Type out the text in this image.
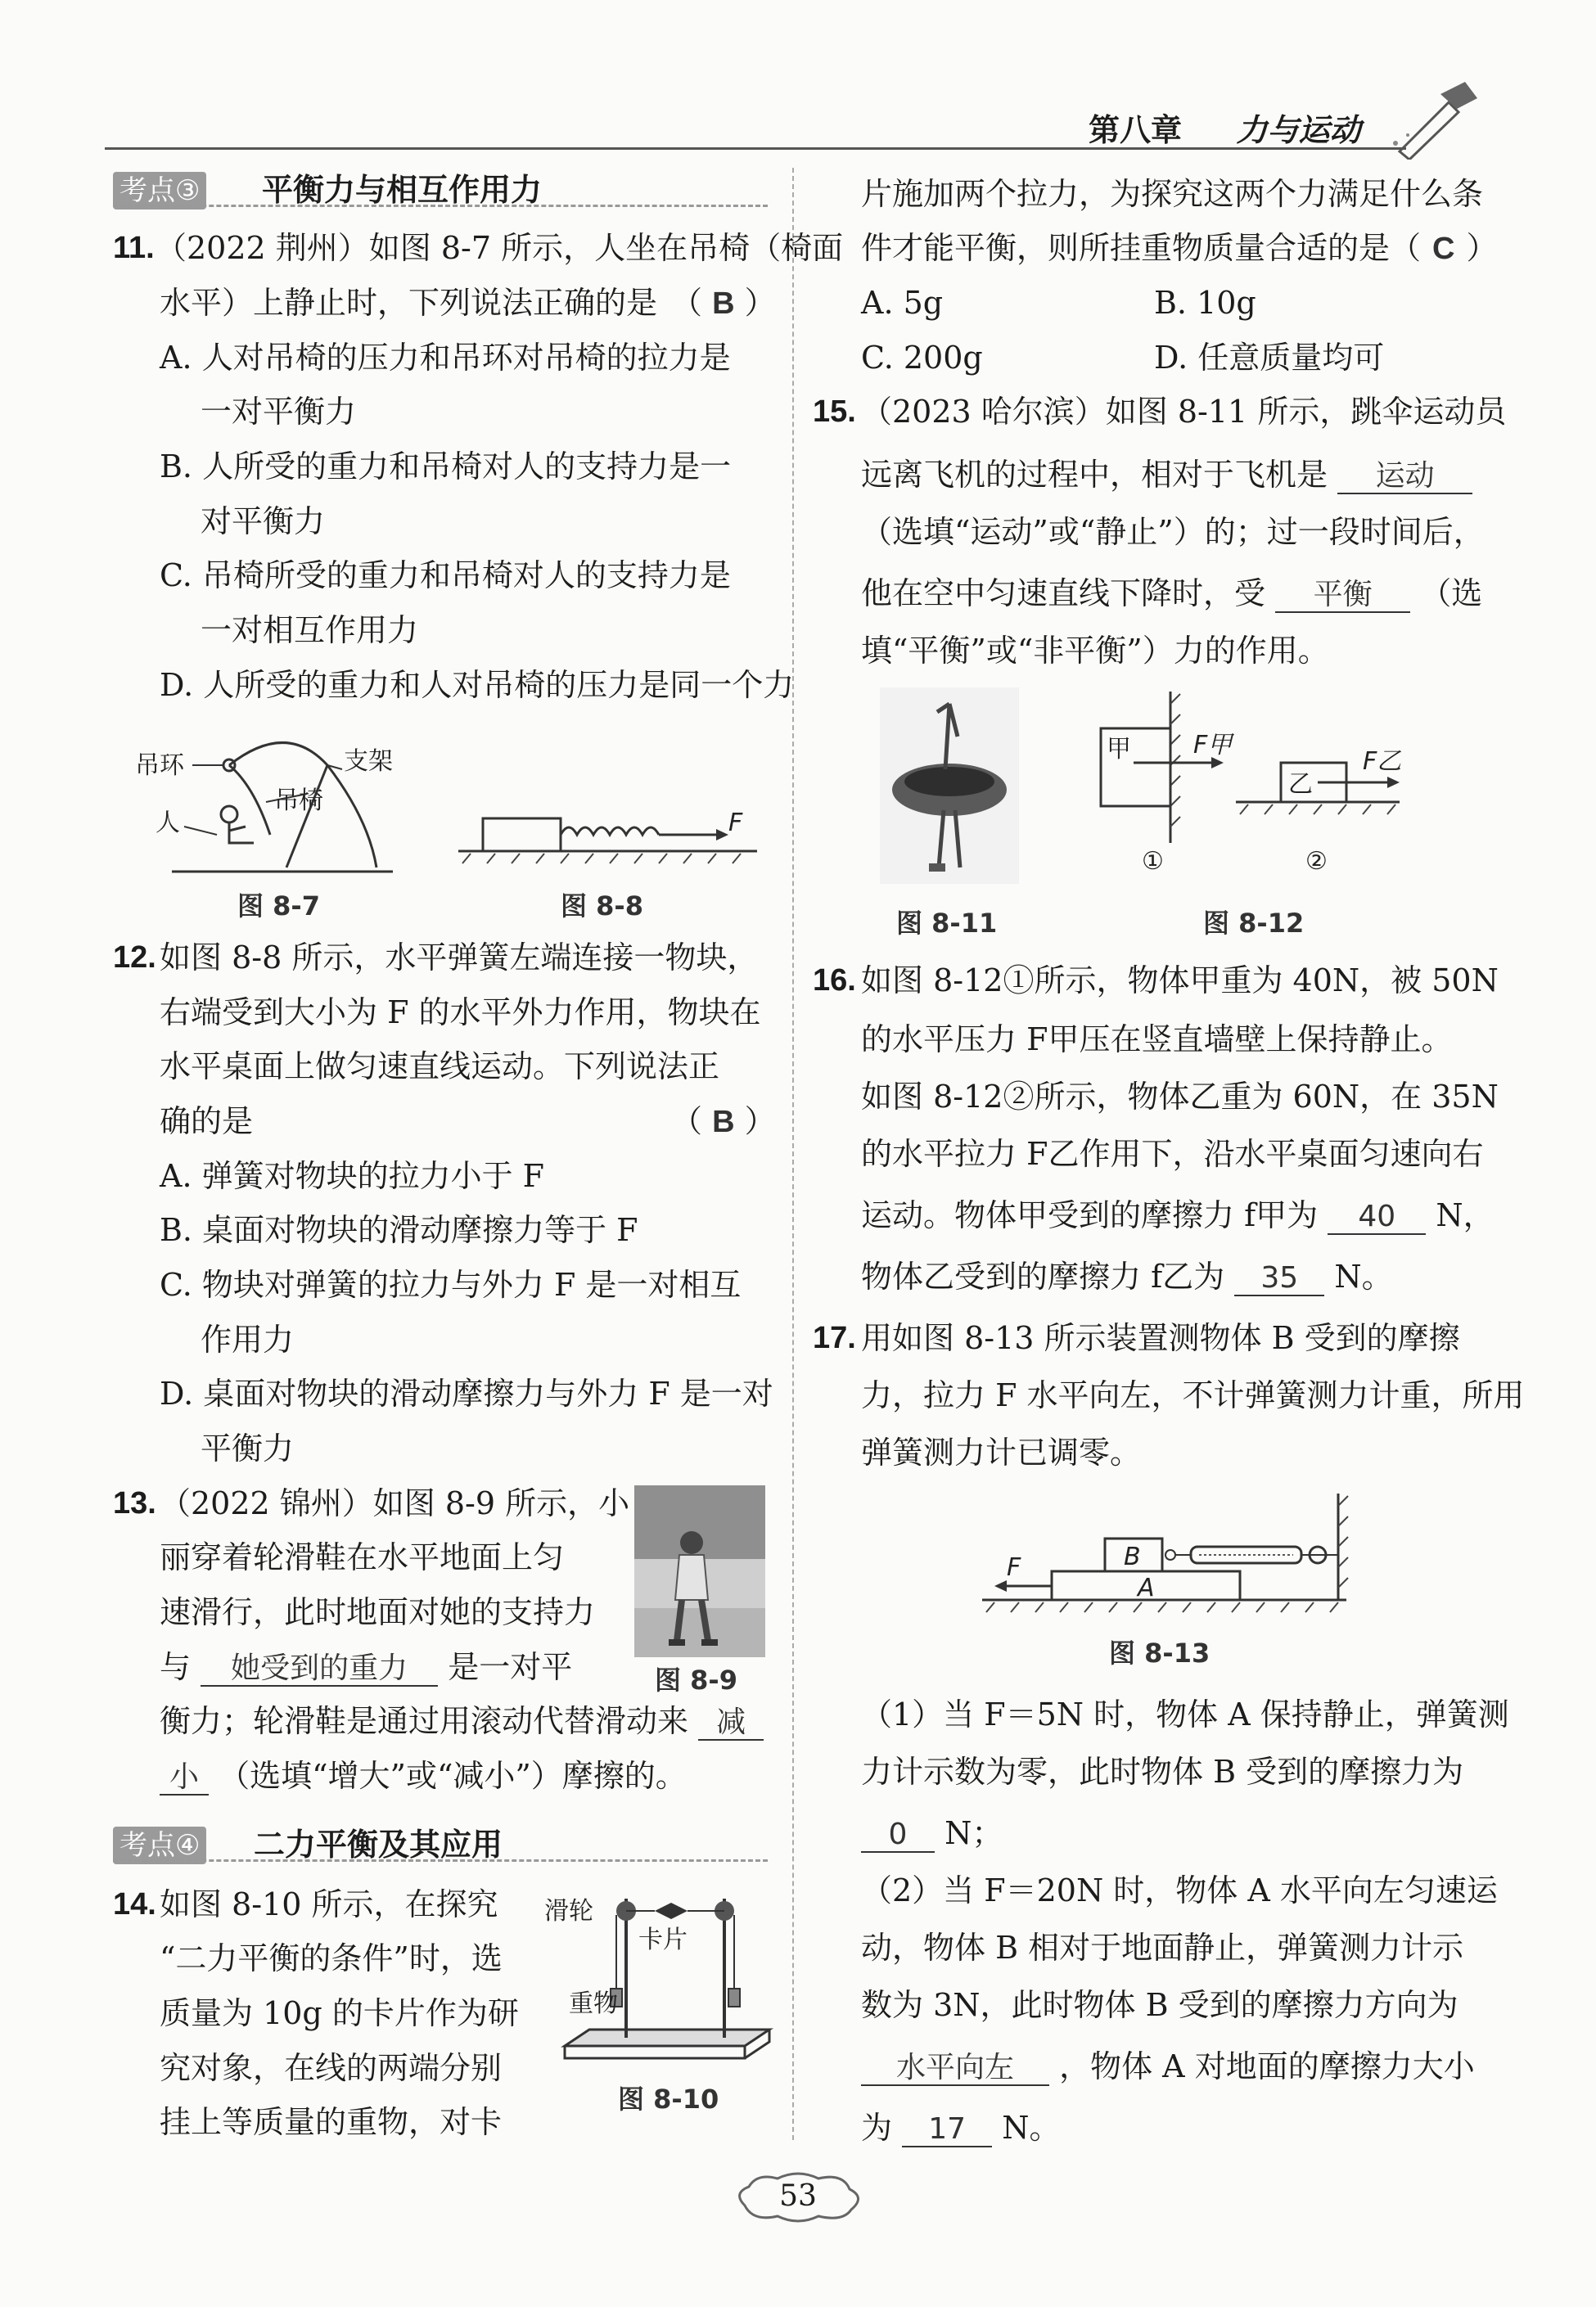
第八章 力与运动
考点③ 平衡力与相互作用力
11. （2022 荆州）如图 8-7 所示，人坐在吊椅（椅面
水平）上静止时，下列说法正确的是 （ B ）
A. 人对吊椅的压力和吊环对吊椅的拉力是
一对平衡力
B. 人所受的重力和吊椅对人的支持力是一
对平衡力
C. 吊椅所受的重力和吊椅对人的支持力是
一对相互作用力
D. 人所受的重力和人对吊椅的压力是同一个力
吊环
吊椅
支架
人
图 8-7
F
图 8-8
12. 如图 8-8 所示，水平弹簧左端连接一物块，
右端受到大小为 F 的水平外力作用，物块在
水平桌面上做匀速直线运动。下列说法正
确的是	（ B ）
A. 弹簧对物块的拉力小于 F
B. 桌面对物块的滑动摩擦力等于 F
C. 物块对弹簧的拉力与外力 F 是一对相互
作用力
D. 桌面对物块的滑动摩擦力与外力 F 是一对
平衡力
13. （2022 锦州）如图 8-9 所示，小
丽穿着轮滑鞋在水平地面上匀
速滑行，此时地面对她的支持力
与 她受到的重力 是一对平
衡力；轮滑鞋是通过用滚动代替滑动来 减
小 （选填“增大”或“减小”）摩擦的。
图 8-9
考点④ 二力平衡及其应用
14. 如图 8-10 所示，在探究
“二力平衡的条件”时，选
质量为 10g 的卡片作为研
究对象，在线的两端分别
挂上等质量的重物，对卡
滑轮
卡片
重物
图 8-10
片施加两个拉力，为探究这两个力满足什么条
件才能平衡，则所挂重物质量合适的是（ C ）
A. 5g	B. 10g
C. 200g	D. 任意质量均可
15. （2023 哈尔滨）如图 8-11 所示，跳伞运动员
远离飞机的过程中，相对于飞机是 运动
（选填“运动”或“静止”）的；过一段时间后，
他在空中匀速直线下降时，受 平衡 （选
填“平衡”或“非平衡”）力的作用。
图 8-11
甲	F甲
乙
F乙
①	②
图 8-12
16. 如图 8-12①所示，物体甲重为 40N，被 50N
的水平压力 F甲压在竖直墙壁上保持静止。
如图 8-12②所示，物体乙重为 60N，在 35N
的水平拉力 F乙作用下，沿水平桌面匀速向右
运动。物体甲受到的摩擦力 f甲为 40 N，
物体乙受到的摩擦力 f乙为 35 N。
17. 用如图 8-13 所示装置测物体 B 受到的摩擦
力，拉力 F 水平向左，不计弹簧测力计重，所用
弹簧测力计已调零。
F	B
A
图 8-13
（1）当 F＝5N 时，物体 A 保持静止，弹簧测
力计示数为零，此时物体 B 受到的摩擦力为
0 N；
（2）当 F＝20N 时，物体 A 水平向左匀速运
动，物体 B 相对于地面静止，弹簧测力计示
数为 3N，此时物体 B 受到的摩擦力方向为
水平向左 ，物体 A 对地面的摩擦力大小
为 17 N。
53
